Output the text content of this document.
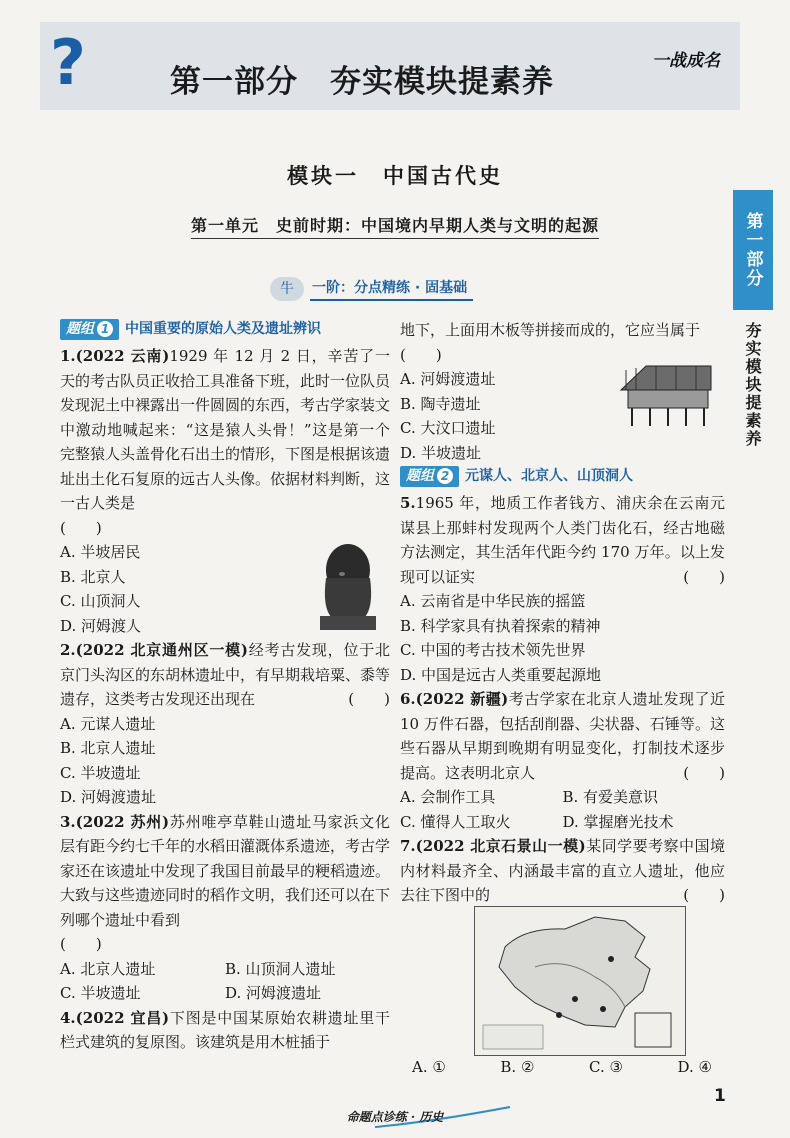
?	第一部分　夯实模块提素养
一战成名
模块一　中国古代史
第一单元　史前时期：中国境内早期人类与文明的起源
牛	一阶：分点精练 · 固基础	第一部分
夯实模块提素养
题组 1	中国重要的原始人类及遗址辨识

1.(2022 云南)1929 年 12 月 2 日，辛苦了一天的考古队员正收拾工具准备下班，此时一位队员发现泥土中裸露出一件圆圆的东西，考古学家装文中激动地喊起来：“这是猿人头骨！”这是第一个完整猿人头盖骨化石出土的情形，下图是根据该遗址出土化石复原的远古人头像。依据材料判断，这一古人类是

(　　)

A. 半坡居民

B. 北京人

C. 山顶洞人

D. 河姆渡人

2.(2022 北京通州区一模)经考古发现，位于北京门头沟区的东胡林遗址中，有早期栽培粟、黍等遗存，这类考古发现还出现在	(　　)

A. 元谋人遗址

B. 北京人遗址

C. 半坡遗址

D. 河姆渡遗址

3.(2022 苏州)苏州唯亭草鞋山遗址马家浜文化层有距今约七千年的水稻田灌溉体系遗迹，考古学家还在该遗址中发现了我国目前最早的粳稻遗迹。大致与这些遗迹同时的稻作文明，我们还可以在下列哪个遗址中看到

(　　)

A. 北京人遗址	B. 山顶洞人遗址
C. 半坡遗址	D. 河姆渡遗址

4.(2022 宜昌)下图是中国某原始农耕遗址里干栏式建筑的复原图。该建筑是用木桩插于

地下，上面用木板等拼接而成的，它应当属于

(　　)

A. 河姆渡遗址

B. 陶寺遗址

C. 大汶口遗址

D. 半坡遗址

题组 2	元谋人、北京人、山顶洞人

5.1965 年，地质工作者钱方、浦庆余在云南元谋县上那蚌村发现两个人类门齿化石，经古地磁方法测定，其生活年代距今约 170 万年。以上发现可以证实	(　　)

A. 云南省是中华民族的摇篮

B. 科学家具有执着探索的精神

C. 中国的考古技术领先世界

D. 中国是远古人类重要起源地

6.(2022 新疆)考古学家在北京人遗址发现了近 10 万件石器，包括刮削器、尖状器、石锤等。这些石器从早期到晚期有明显变化，打制技术逐步提高。这表明北京人	(　　)

A. 会制作工具	B. 有爱美意识
C. 懂得人工取火	D. 掌握磨光技术

7.(2022 北京石景山一模)某同学要考察中国境内材料最齐全、内涵最丰富的直立人遗址，他应去往下图中的	(　　)

A. ①	B. ②	C. ③	D. ④
1
命题点诊练 · 历史
